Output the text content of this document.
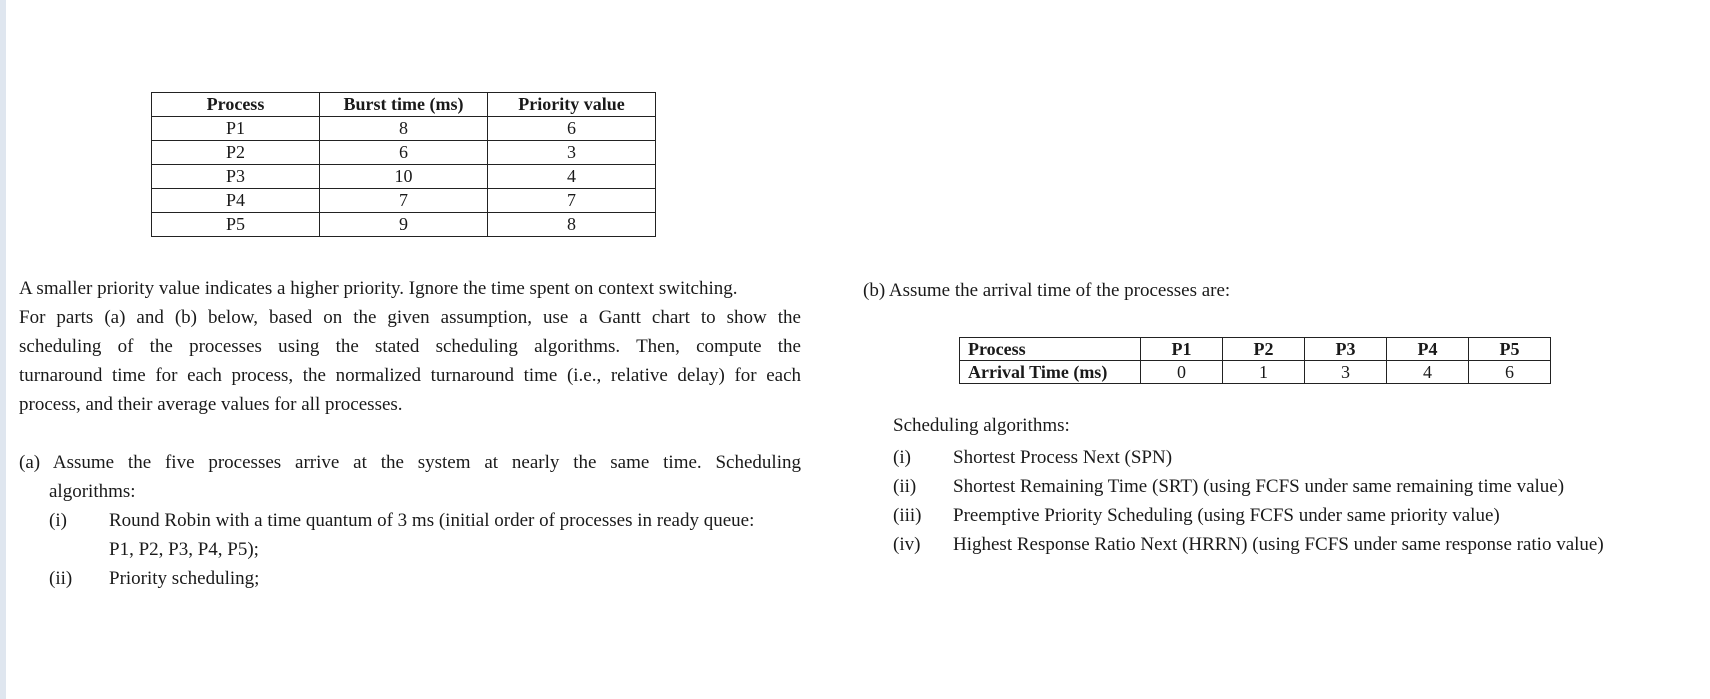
Process	Burst time (ms)	Priority value
P1	8	6
P2	6	3
P3	10	4
P4	7	7
P5	9	8
A smaller priority value indicates a higher priority. Ignore the time spent on context switching.
For parts (a) and (b) below, based on the given assumption, use a Gantt chart to show the
scheduling of the processes using the stated scheduling algorithms. Then, compute the
turnaround time for each process, the normalized turnaround time (i.e., relative delay) for each
process, and their average values for all processes.
(a) Assume the five processes arrive at the system at nearly the same time. Scheduling
algorithms:
(i) Round Robin with a time quantum of 3 ms (initial order of processes in ready queue:
P1, P2, P3, P4, P5);
(ii) Priority scheduling;
(b) Assume the arrival time of the processes are:
Process	P1	P2	P3	P4	P5
Arrival Time (ms)	0	1	3	4	6
Scheduling algorithms:
(i) Shortest Process Next (SPN)
(ii) Shortest Remaining Time (SRT) (using FCFS under same remaining time value)
(iii) Preemptive Priority Scheduling (using FCFS under same priority value)
(iv) Highest Response Ratio Next (HRRN) (using FCFS under same response ratio value)
